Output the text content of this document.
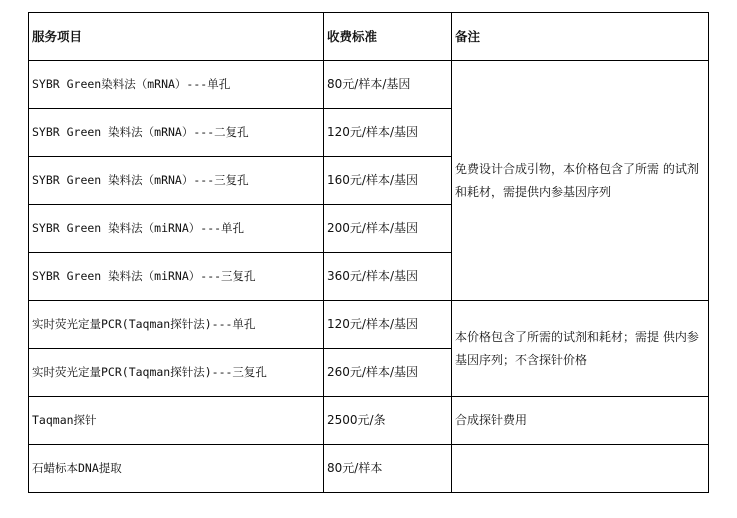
服务项目	收费标准	备注
SYBR Green染料法（mRNA）---单孔	80元/样本/基因	免费设计合成引物，本价格包含了所需 的试剂和耗材，需提供内参基因序列
SYBR Green 染料法（mRNA）---二复孔	120元/样本/基因	
SYBR Green 染料法（mRNA）---三复孔	160元/样本/基因	
SYBR Green 染料法（miRNA）---单孔	200元/样本/基因	
SYBR Green 染料法（miRNA）---三复孔	360元/样本/基因	
实时荧光定量PCR(Taqman探针法)---单孔	120元/样本/基因	本价格包含了所需的试剂和耗材；需提 供内参基因序列；不含探针价格
实时荧光定量PCR(Taqman探针法)---三复孔	260元/样本/基因	
Taqman探针	2500元/条	合成探针费用
石蜡标本DNA提取	80元/样本	
